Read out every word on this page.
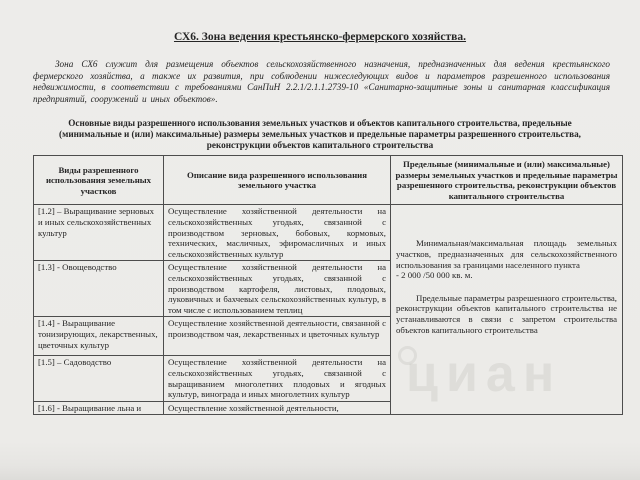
СХ6. Зона ведения крестьянско-фермерского хозяйства.

Зона СХ6 служит для размещения объектов сельскохозяйственного назначения, предназначенных для ведения крестьянского фермерского хозяйства, а также их развития, при соблюдении нижеследующих видов и параметров разрешенного использования недвижимости, в соответствии с требованиями СанПиН 2.2.1/2.1.1.2739-10 «Санитарно-защитные зоны и санитарная классификация предприятий, сооружений и иных объектов».

Основные виды разрешенного использования земельных участков и объектов капитального строительства, предельные (минимальные и (или) максимальные) размеры земельных участков и предельные параметры разрешенного строительства, реконструкции объектов капитального строительства
Виды разрешенного использования земельных участков	Описание вида разрешенного использования земельного участка	Предельные (минимальные и (или) максимальные) размеры земельных участков и предельные параметры разрешенного строительства, реконструкции объектов капитального строительства
[1.2] – Выращивание зерновых и иных сельскохозяйственных культур	Осуществление хозяйственной деятельности на сельскохозяйственных угодьях, связанной с производством зерновых, бобовых, кормовых, технических, масличных, эфиромасличных и иных сельскохозяйственных культур	

Минимальная/максимальная площадь земельных участков, предназначенных для сельскохозяйственного использования за границами населенного пункта

- 2 000 /50 000 кв. м.

Предельные параметры разрешенного строительства, реконструкции объектов капитального строительства не устанавливаются в связи с запретом строительства объектов капитального строительства

[1.3] - Овощеводство	Осуществление хозяйственной деятельности на сельскохозяйственных угодьях, связанной с производством картофеля, листовых, плодовых, луковичных и бахчевых сельскохозяйственных культур, в том числе с использованием теплиц	
[1.4] - Выращивание тонизирующих, лекарственных, цветочных культур	Осуществление хозяйственной деятельности, связанной с производством чая, лекарственных и цветочных культур	
[1.5] – Садоводство	Осуществление хозяйственной деятельности на сельскохозяйственных угодьях, связанной с выращиванием многолетних плодовых и ягодных культур, винограда и иных многолетних культур	
[1.6] - Выращивание льна и	Осуществление хозяйственной деятельности,	
циан
